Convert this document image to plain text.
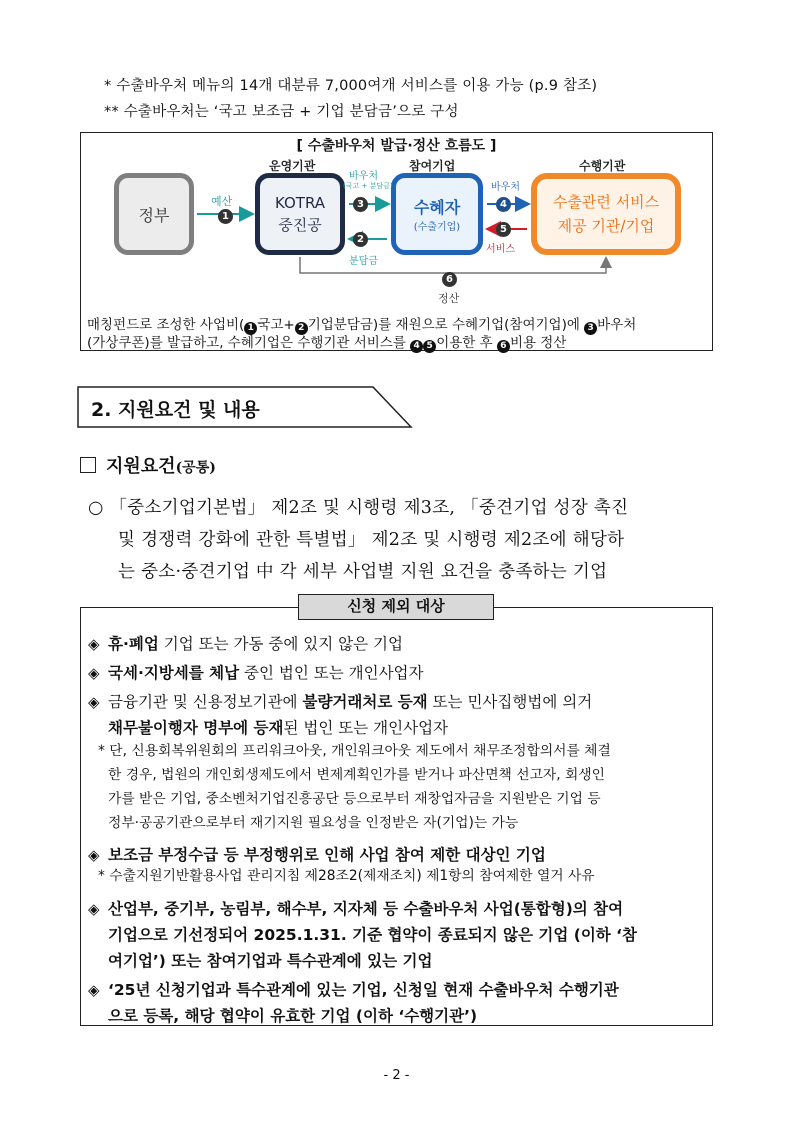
* 수출바우처 메뉴의 14개 대분류 7,000여개 서비스를 이용 가능 (p.9 참조)
** 수출바우처는 ‘국고 보조금 + 기업 분담금’으로 구성
[ 수출바우처 발급·정산 흐름도 ]
정부
운영기관
KOTRA
중진공
참여기업
수혜자
(수출기업)
수행기관
수출관련 서비스
제공 기관/기업
예산
1
바우처
(국고 + 분담금)
3
2
분담금
바우처
4
5
서비스
6
정산
매칭펀드로 조성한 사업비( 1 국고+ 2 기업분담금)를 재원으로 수혜기업(참여기업)에 3 바우처
(가상쿠폰)를 발급하고, 수혜기업은 수행기관 서비스를 4 5 이용한 후 6 비용 정산
2. 지원요건 및 내용
지원요건(공통)
○ 「중소기업기본법」 제2조 및 시행령 제3조, 「중견기업 성장 촉진
및 경쟁력 강화에 관한 특별법」 제2조 및 시행령 제2조에 해당하
는 중소·중견기업 中 각 세부 사업별 지원 요건을 충족하는 기업
신청 제외 대상
◈ 휴·폐업 기업 또는 가동 중에 있지 않은 기업
◈ 국세·지방세를 체납 중인 법인 또는 개인사업자
◈ 금융기관 및 신용정보기관에 불량거래처로 등재 또는 민사집행법에 의거
채무불이행자 명부에 등재된 법인 또는 개인사업자
* 단, 신용회복위원회의 프리워크아웃, 개인워크아웃 제도에서 채무조정합의서를 체결
한 경우, 법원의 개인회생제도에서 변제계획인가를 받거나 파산면책 선고자, 회생인
가를 받은 기업, 중소벤처기업진흥공단 등으로부터 재창업자금을 지원받은 기업 등
정부·공공기관으로부터 재기지원 필요성을 인정받은 자(기업)는 가능
◈ 보조금 부정수급 등 부정행위로 인해 사업 참여 제한 대상인 기업
* 수출지원기반활용사업 관리지침 제28조2(제재조치) 제1항의 참여제한 열거 사유
◈ 산업부, 중기부, 농림부, 해수부, 지자체 등 수출바우처 사업(통합형)의 참여
기업으로 기선정되어 2025.1.31. 기준 협약이 종료되지 않은 기업 (이하 ‘참
여기업’) 또는 참여기업과 특수관계에 있는 기업
◈ ‘25년 신청기업과 특수관계에 있는 기업, 신청일 현재 수출바우처 수행기관
으로 등록, 해당 협약이 유효한 기업 (이하 ‘수행기관’)
- 2 -
